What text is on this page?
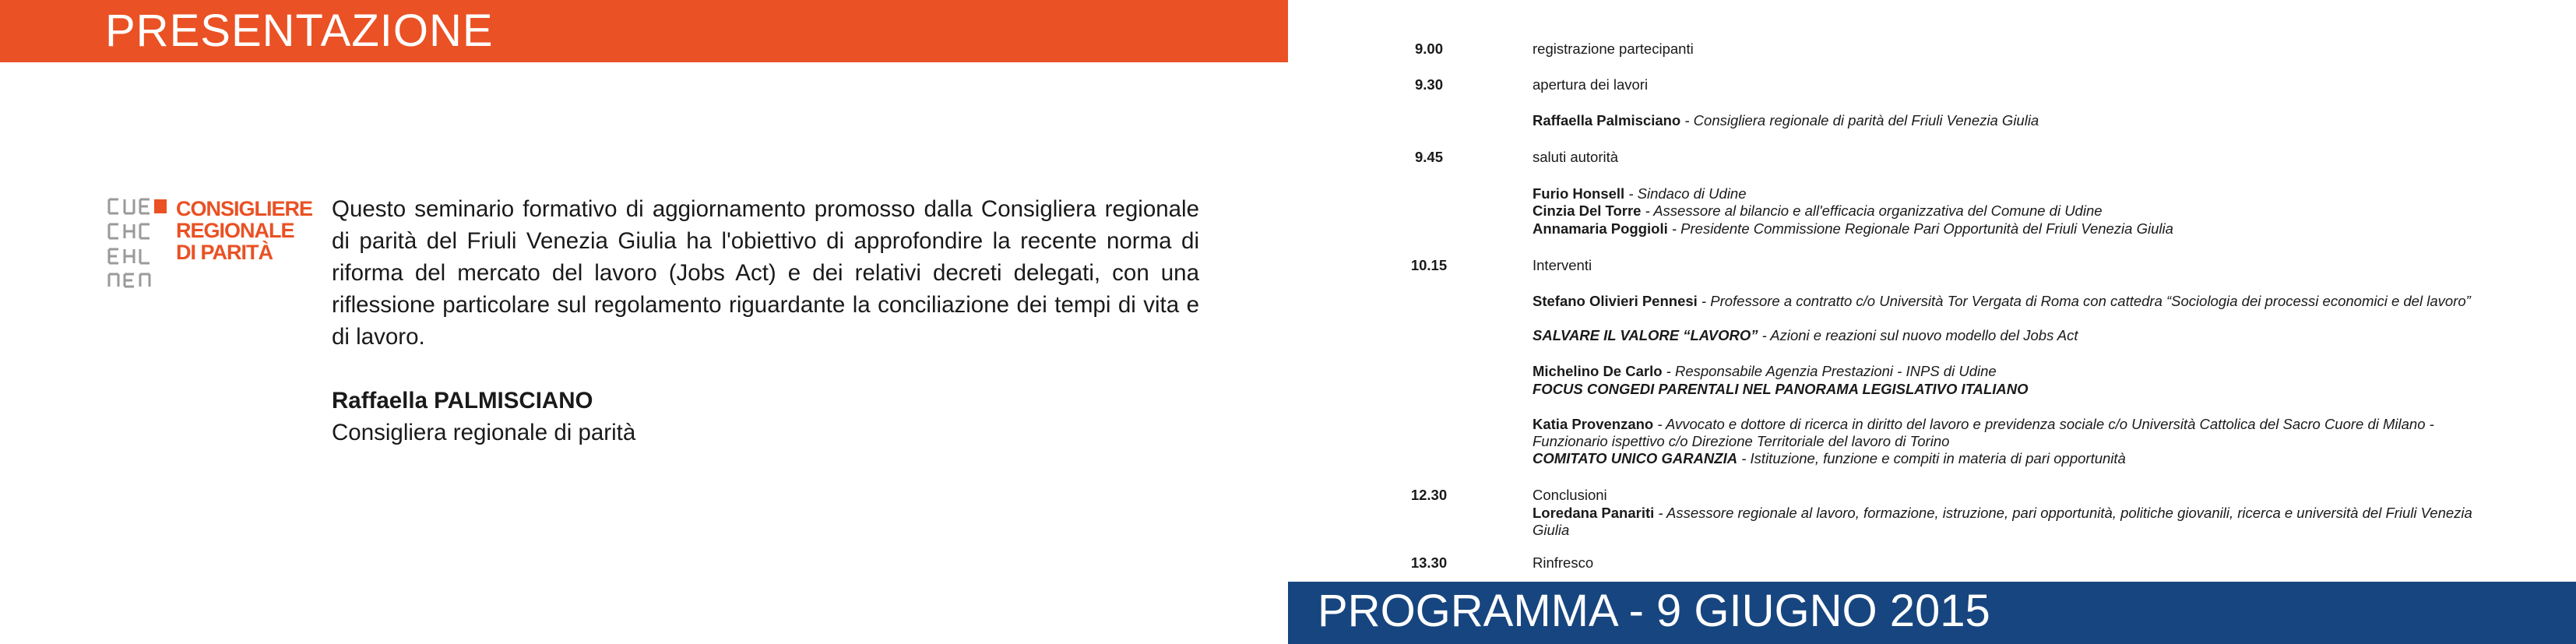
PRESENTAZIONE
CONSIGLIERE
REGIONALE
DI PARITÀ
Questo seminario formativo di aggiornamento promosso dalla Consigliera regionale di parità del Friuli Venezia Giulia ha l'obiettivo di approfondire la recente norma di riforma del mercato del lavoro (Jobs Act) e dei relativi decreti delegati, con una riflessione particolare sul regolamento riguardante la conciliazione dei tempi di vita e di lavoro.
Raffaella PALMISCIANO
Consigliera regionale di parità
9.00	registrazione partecipanti
9.30	apertura dei lavori
Raffaella Palmisciano - Consigliera regionale di parità del Friuli Venezia Giulia
9.45	saluti autorità
Furio Honsell - Sindaco di Udine
Cinzia Del Torre - Assessore al bilancio e all'efficacia organizzativa del Comune di Udine
Annamaria Poggioli - Presidente Commissione Regionale Pari Opportunità del Friuli Venezia Giulia
10.15	Interventi
Stefano Olivieri Pennesi - Professore a contratto c/o Università Tor Vergata di Roma con cattedra “Sociologia dei processi economici e del lavoro”
SALVARE IL VALORE “LAVORO” - Azioni e reazioni sul nuovo modello del Jobs Act
Michelino De Carlo - Responsabile Agenzia Prestazioni - INPS di Udine
FOCUS CONGEDI PARENTALI NEL PANORAMA LEGISLATIVO ITALIANO
Katia Provenzano - Avvocato e dottore di ricerca in diritto del lavoro e previdenza sociale c/o Università Cattolica del Sacro Cuore di Milano - Funzionario ispettivo c/o Direzione Territoriale del lavoro di Torino
COMITATO UNICO GARANZIA - Istituzione, funzione e compiti in materia di pari opportunità
12.30	Conclusioni
Loredana Panariti - Assessore regionale al lavoro, formazione, istruzione, pari opportunità, politiche giovanili, ricerca e università del Friuli Venezia Giulia
13.30	Rinfresco
PROGRAMMA - 9 GIUGNO 2015
